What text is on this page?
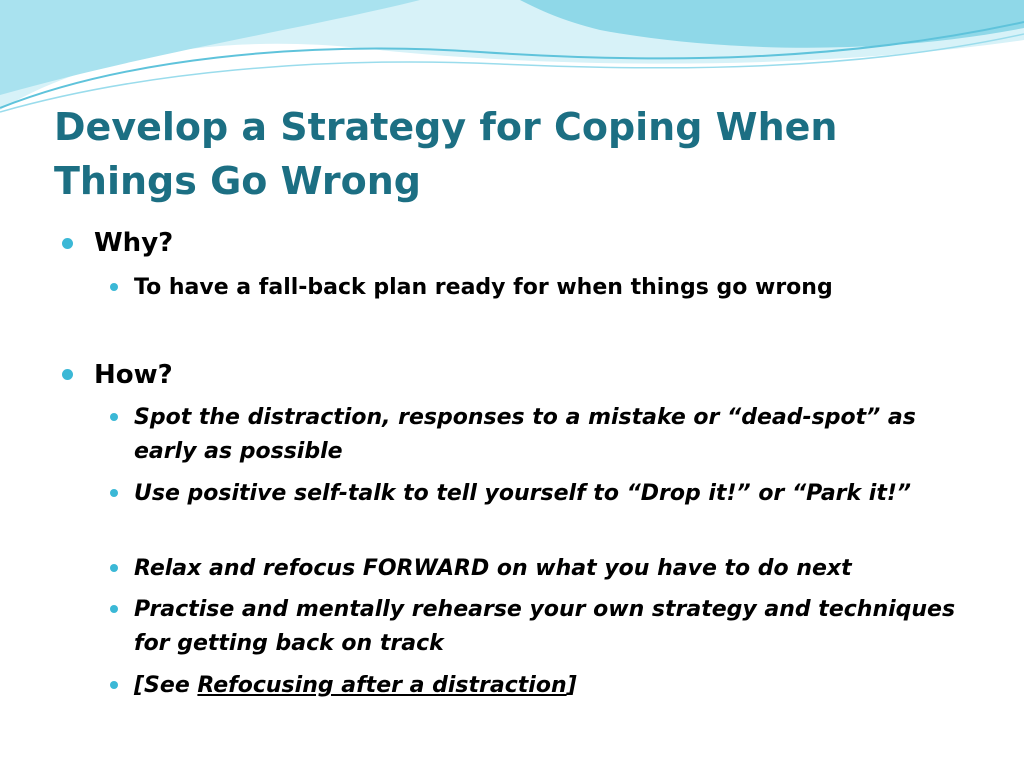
Develop a Strategy for Coping When Things Go Wrong
Why?
To have a fall-back plan ready for when things go wrong
How?
Spot the distraction, responses to a mistake or “dead-spot” as early as possible
Use positive self-talk to tell yourself to “Drop it!” or “Park it!”
Relax and refocus FORWARD on what you have to do next
Practise and mentally rehearse your own strategy and techniques for getting back on track
[See Refocusing after a distraction]
